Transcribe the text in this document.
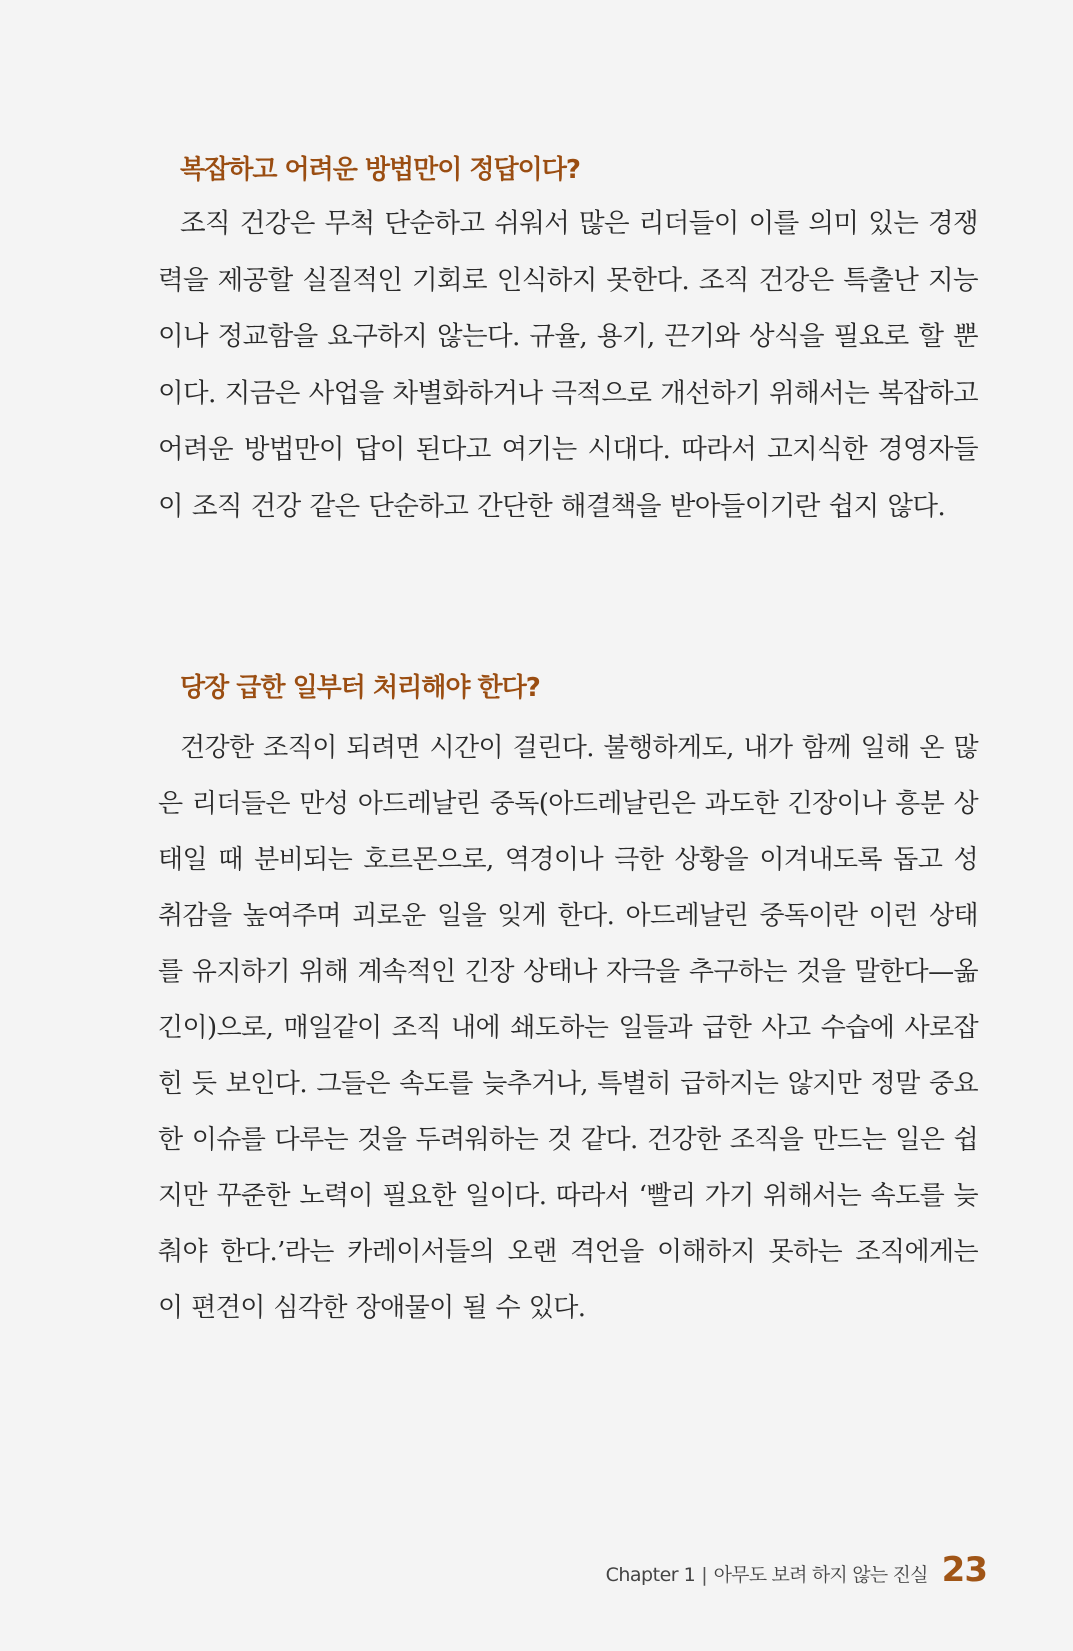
복잡하고 어려운 방법만이 정답이다?

조직 건강은 무척 단순하고 쉬워서 많은 리더들이 이를 의미 있는 경쟁력을 제공할 실질적인 기회로 인식하지 못한다. 조직 건강은 특출난 지능이나 정교함을 요구하지 않는다. 규율, 용기, 끈기와 상식을 필요로 할 뿐이다. 지금은 사업을 차별화하거나 극적으로 개선하기 위해서는 복잡하고 어려운 방법만이 답이 된다고 여기는 시대다. 따라서 고지식한 경영자들이 조직 건강 같은 단순하고 간단한 해결책을 받아들이기란 쉽지 않다.

당장 급한 일부터 처리해야 한다?

건강한 조직이 되려면 시간이 걸린다. 불행하게도, 내가 함께 일해 온 많은 리더들은 만성 아드레날린 중독(아드레날린은 과도한 긴장이나 흥분 상태일 때 분비되는 호르몬으로, 역경이나 극한 상황을 이겨내도록 돕고 성취감을 높여주며 괴로운 일을 잊게 한다. 아드레날린 중독이란 이런 상태를 유지하기 위해 계속적인 긴장 상태나 자극을 추구하는 것을 말한다—옮긴이)으로, 매일같이 조직 내에 쇄도하는 일들과 급한 사고 수습에 사로잡힌 듯 보인다. 그들은 속도를 늦추거나, 특별히 급하지는 않지만 정말 중요한 이슈를 다루는 것을 두려워하는 것 같다. 건강한 조직을 만드는 일은 쉽지만 꾸준한 노력이 필요한 일이다. 따라서 ‘빨리 가기 위해서는 속도를 늦춰야 한다.’라는 카레이서들의 오랜 격언을 이해하지 못하는 조직에게는 이 편견이 심각한 장애물이 될 수 있다.

Chapter 1 | 아무도 보려 하지 않는 진실 23
